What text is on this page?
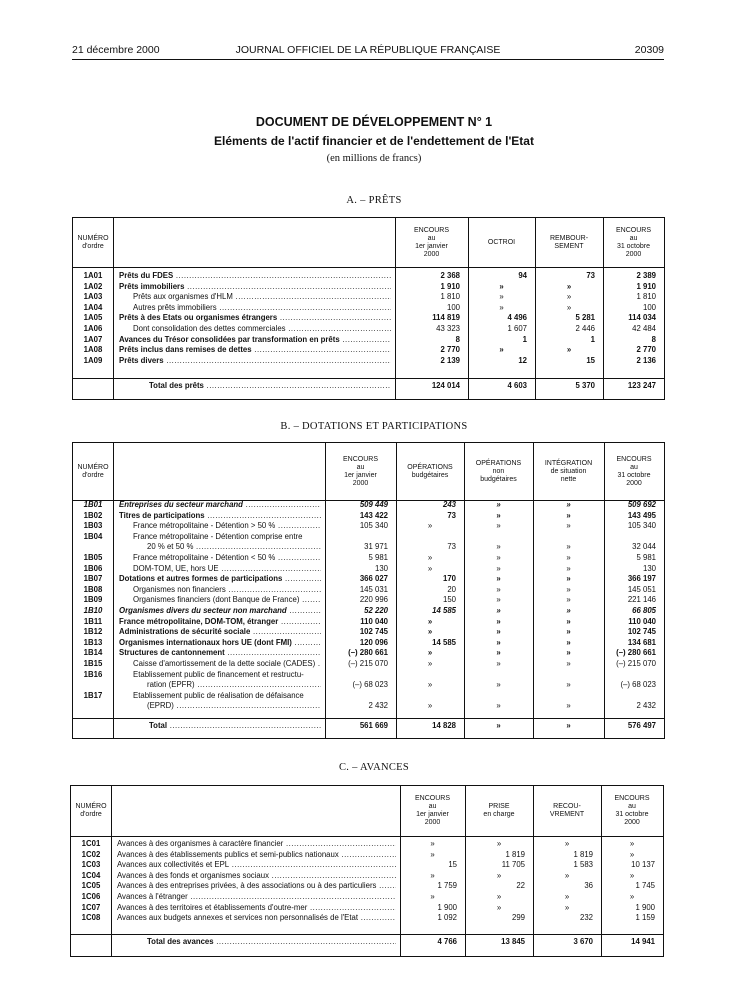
21 décembre 2000	JOURNAL OFFICIEL DE LA RÉPUBLIQUE FRANÇAISE	20309
DOCUMENT DE DÉVELOPPEMENT N° 1
Eléments de l'actif financier et de l'endettement de l'Etat
(en millions de francs)
A. – PRÊTS
NUMÉRO
d'ordre
ENCOURS
au
1er janvier
2000
OCTROI
REMBOUR-
SEMENT
ENCOURS
au
31 octobre
2000
1A01	Prêts du FDES .....	2 368	94	73	2 389
1A02	Prêts immobiliers .....	1 910	»	»	1 910
1A03	Prêts aux organismes d'HLM .....	1 810	»	»	1 810
1A04	Autres prêts immobiliers .....	100	»	»	100
1A05	Prêts à des Etats ou organismes étrangers .....	114 819	4 496	5 281	114 034
1A06	Dont consolidation des dettes commerciales .....	43 323	1 607	2 446	42 484
1A07	Avances du Trésor consolidées par transformation en prêts .....	8	1	1	8
1A08	Prêts inclus dans remises de dettes .....	2 770	»	»	2 770
1A09	Prêts divers .....	2 139	12	15	2 136
Total des prêts .....	124 014	4 603	5 370	123 247
B. – DOTATIONS ET PARTICIPATIONS
NUMÉRO
d'ordre
ENCOURS
au
1er janvier
2000
OPÉRATIONS
budgétaires
OPÉRATIONS
non
budgétaires
INTÉGRATION
de situation
nette
ENCOURS
au
31 octobre
2000
1B01	Entreprises du secteur marchand .....	509 449	243	»	»	509 692
1B02	Titres de participations .....	143 422	73	»	»	143 495
1B03	France métropolitaine - Détention > 50 % .....	105 340	»	»	»	105 340
1B04	France métropolitaine - Détention comprise entre
20 % et 50 % .....	31 971	73	»	»	32 044
1B05	France métropolitaine - Détention < 50 % .....	5 981	»	»	»	5 981
1B06	DOM-TOM, UE, hors UE .....	130	»	»	»	130
1B07	Dotations et autres formes de participations .....	366 027	170	»	»	366 197
1B08	Organismes non financiers .....	145 031	20	»	»	145 051
1B09	Organismes financiers (dont Banque de France) .....	220 996	150	»	»	221 146
1B10	Organismes divers du secteur non marchand .....	52 220	14 585	»	»	66 805
1B11	France métropolitaine, DOM-TOM, étranger .....	110 040	»	»	»	110 040
1B12	Administrations de sécurité sociale .....	102 745	»	»	»	102 745
1B13	Organismes internationaux hors UE (dont FMI) .....	120 096	14 585	»	»	134 681
1B14	Structures de cantonnement .....	(–) 280 661	»	»	»	(–) 280 661
1B15	Caisse d'amortissement de la dette sociale (CADES) .....	(–) 215 070	»	»	»	(–) 215 070
1B16	Etablissement public de financement et restructu-
ration (EPFR) .....	(–) 68 023	»	»	»	(–) 68 023
1B17	Etablissement public de réalisation de défaisance
(EPRD) .....	2 432	»	»	»	2 432
Total .....	561 669	14 828	»	»	576 497
C. – AVANCES
NUMÉRO
d'ordre
ENCOURS
au
1er janvier
2000
PRISE
en charge
RECOU-
VREMENT
ENCOURS
au
31 octobre
2000
1C01	Avances à des organismes à caractère financier .....	»	»	»	»
1C02	Avances à des établissements publics et semi-publics nationaux .....	»	1 819	1 819	»
1C03	Avances aux collectivités et EPL .....	15	11 705	1 583	10 137
1C04	Avances à des fonds et organismes sociaux .....	»	»	»	»
1C05	Avances à des entreprises privées, à des associations ou à des particuliers .....	1 759	22	36	1 745
1C06	Avances à l'étranger .....	»	»	»	»
1C07	Avances à des territoires et établissements d'outre-mer .....	1 900	»	»	1 900
1C08	Avances aux budgets annexes et services non personnalisés de l'Etat .....	1 092	299	232	1 159
Total des avances .....	4 766	13 845	3 670	14 941
